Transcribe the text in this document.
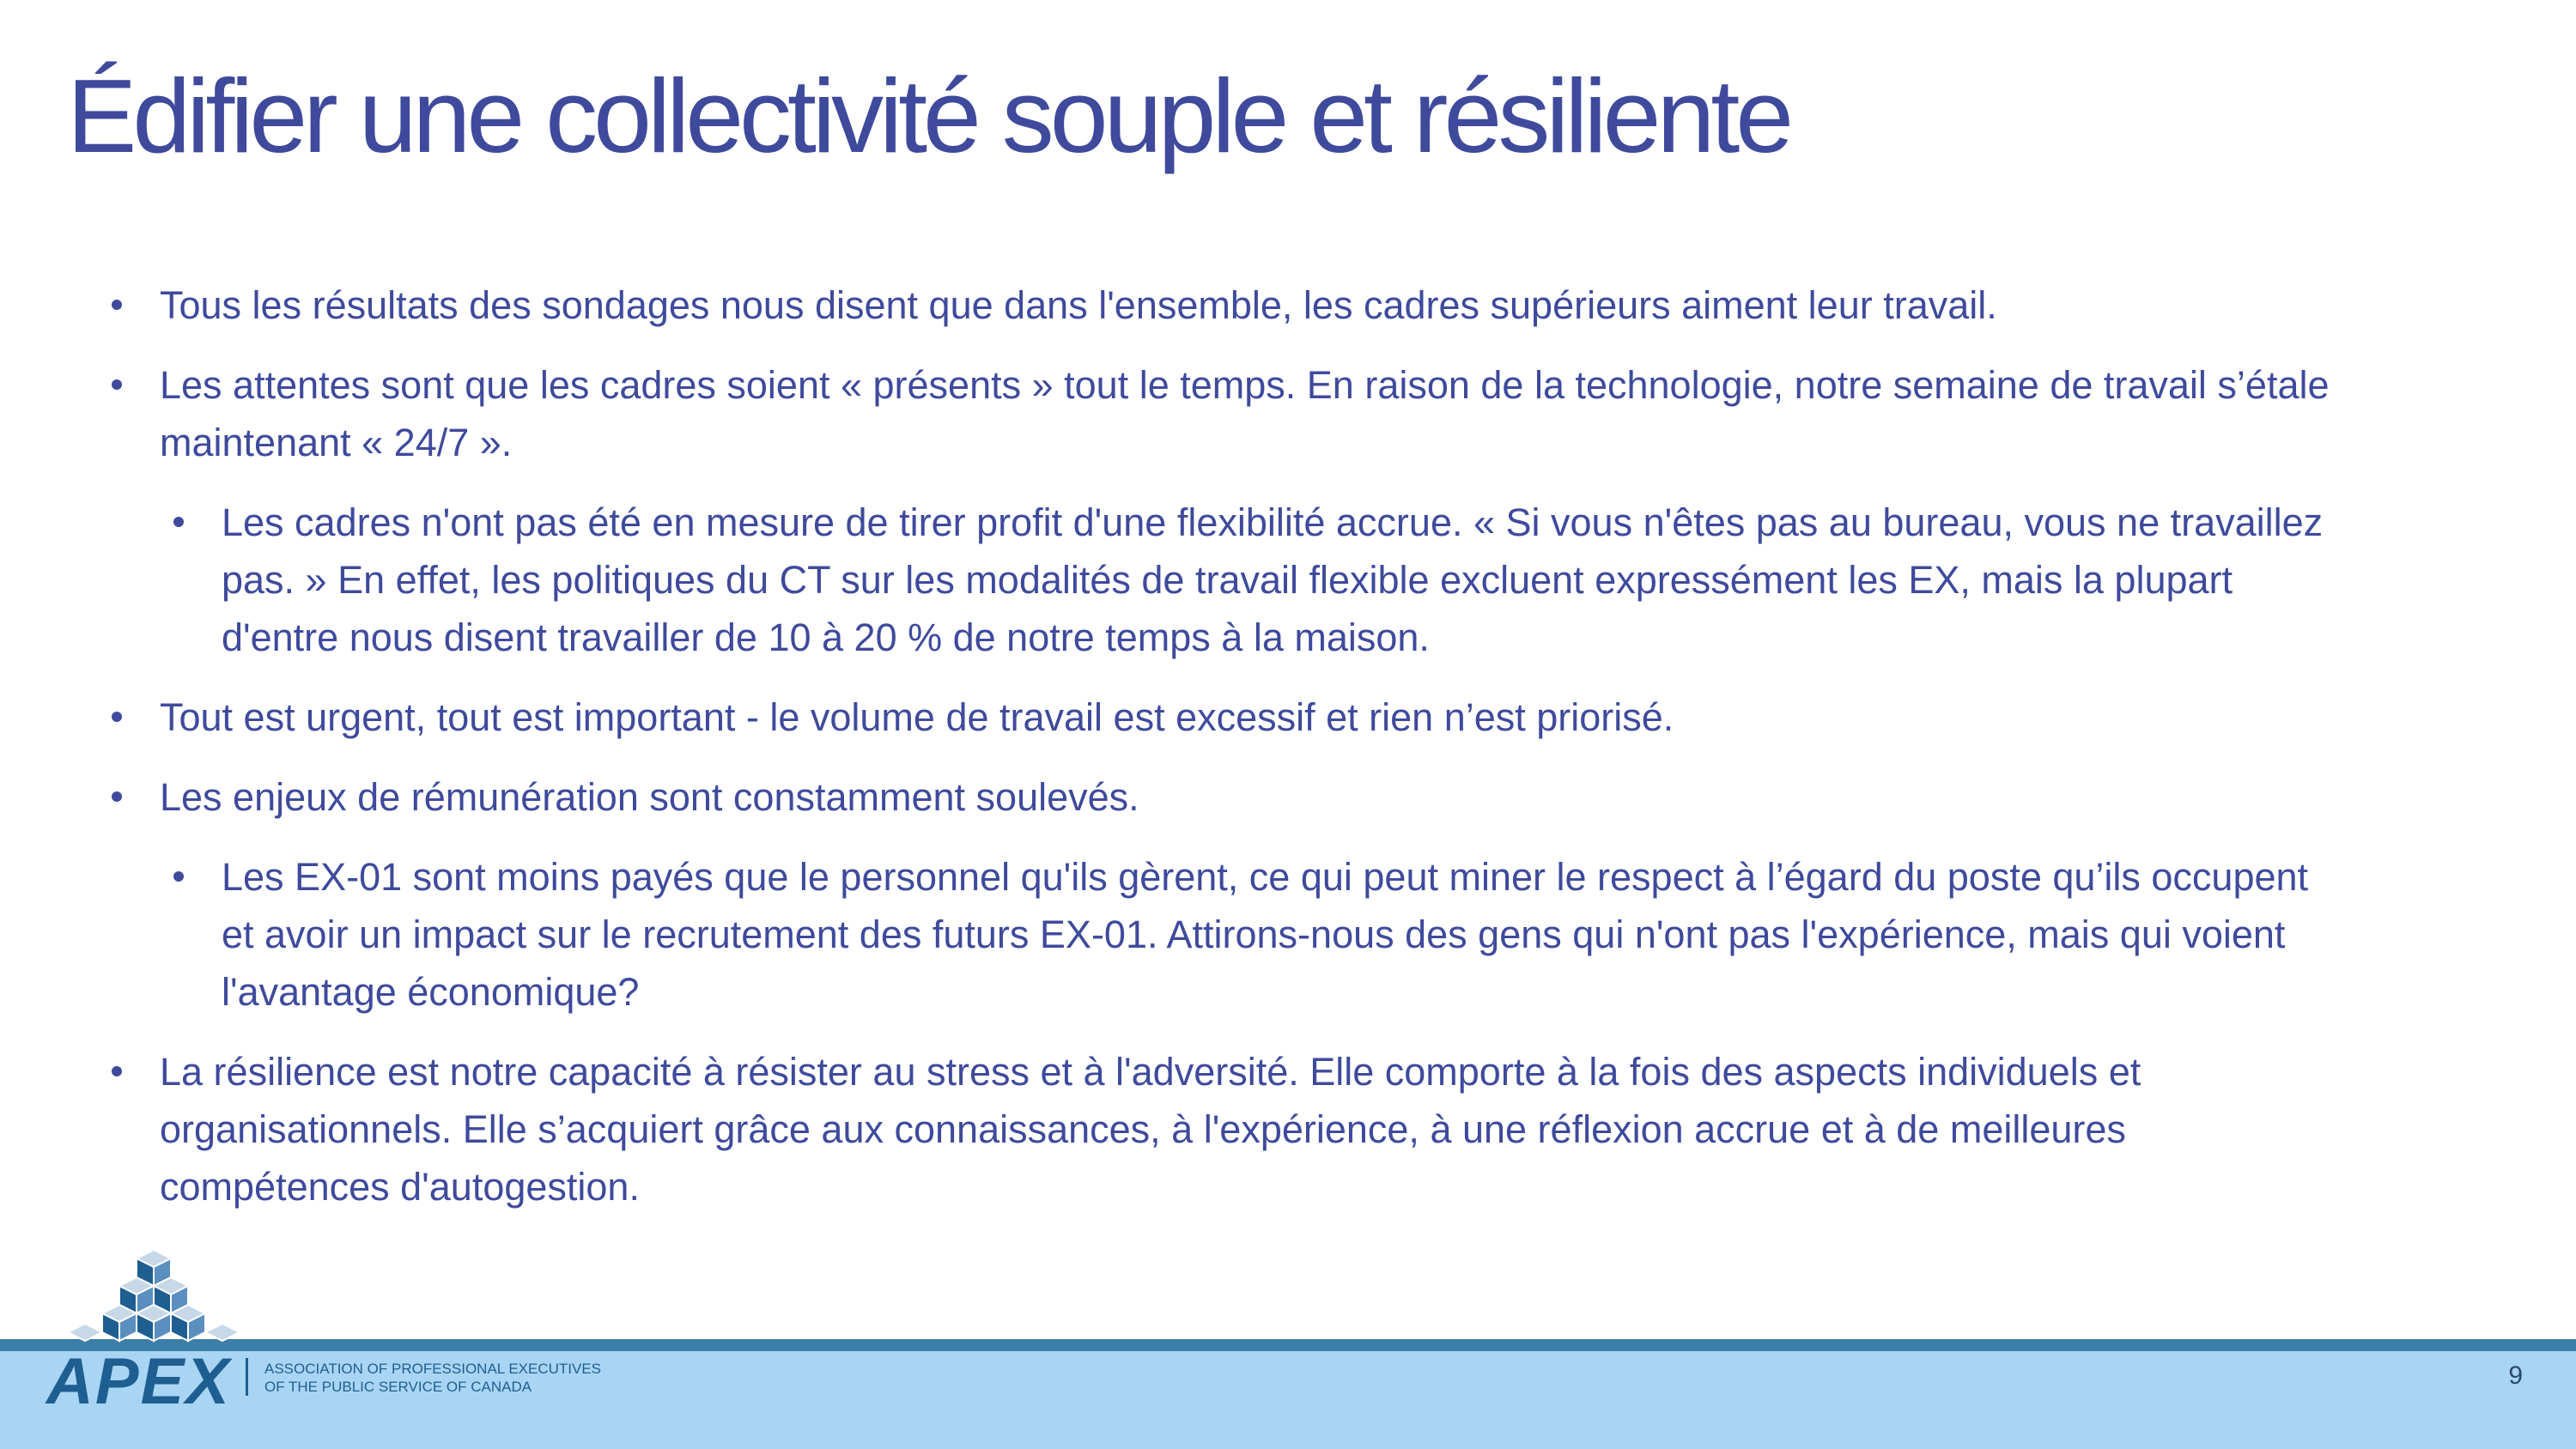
Édifier une collectivité souple et résiliente
Tous les résultats des sondages nous disent que dans l'ensemble, les cadres supérieurs aiment leur travail.
Les attentes sont que les cadres soient « présents » tout le temps. En raison de la technologie, notre semaine de travail s’étale maintenant « 24/7 ».
Les cadres n'ont pas été en mesure de tirer profit d'une flexibilité accrue. « Si vous n'êtes pas au bureau, vous ne travaillez pas. » En effet, les politiques du CT sur les modalités de travail flexible excluent expressément les EX, mais la plupart d'entre nous disent travailler de 10 à 20 % de notre temps à la maison.
Tout est urgent, tout est important - le volume de travail est excessif et rien n’est priorisé.
Les enjeux de rémunération sont constamment soulevés.
Les EX-01 sont moins payés que le personnel qu'ils gèrent, ce qui peut miner le respect à l’égard du poste qu’ils occupent et avoir un impact sur le recrutement des futurs EX-01. Attirons-nous des gens qui n'ont pas l'expérience, mais qui voient l'avantage économique?
La résilience est notre capacité à résister au stress et à l'adversité. Elle comporte à la fois des aspects individuels et organisationnels. Elle s’acquiert grâce aux connaissances, à l'expérience, à une réflexion accrue et à de meilleures compétences d'autogestion.
APEX ASSOCIATION OF PROFESSIONAL EXECUTIVES
OF THE PUBLIC SERVICE OF CANADA	9
